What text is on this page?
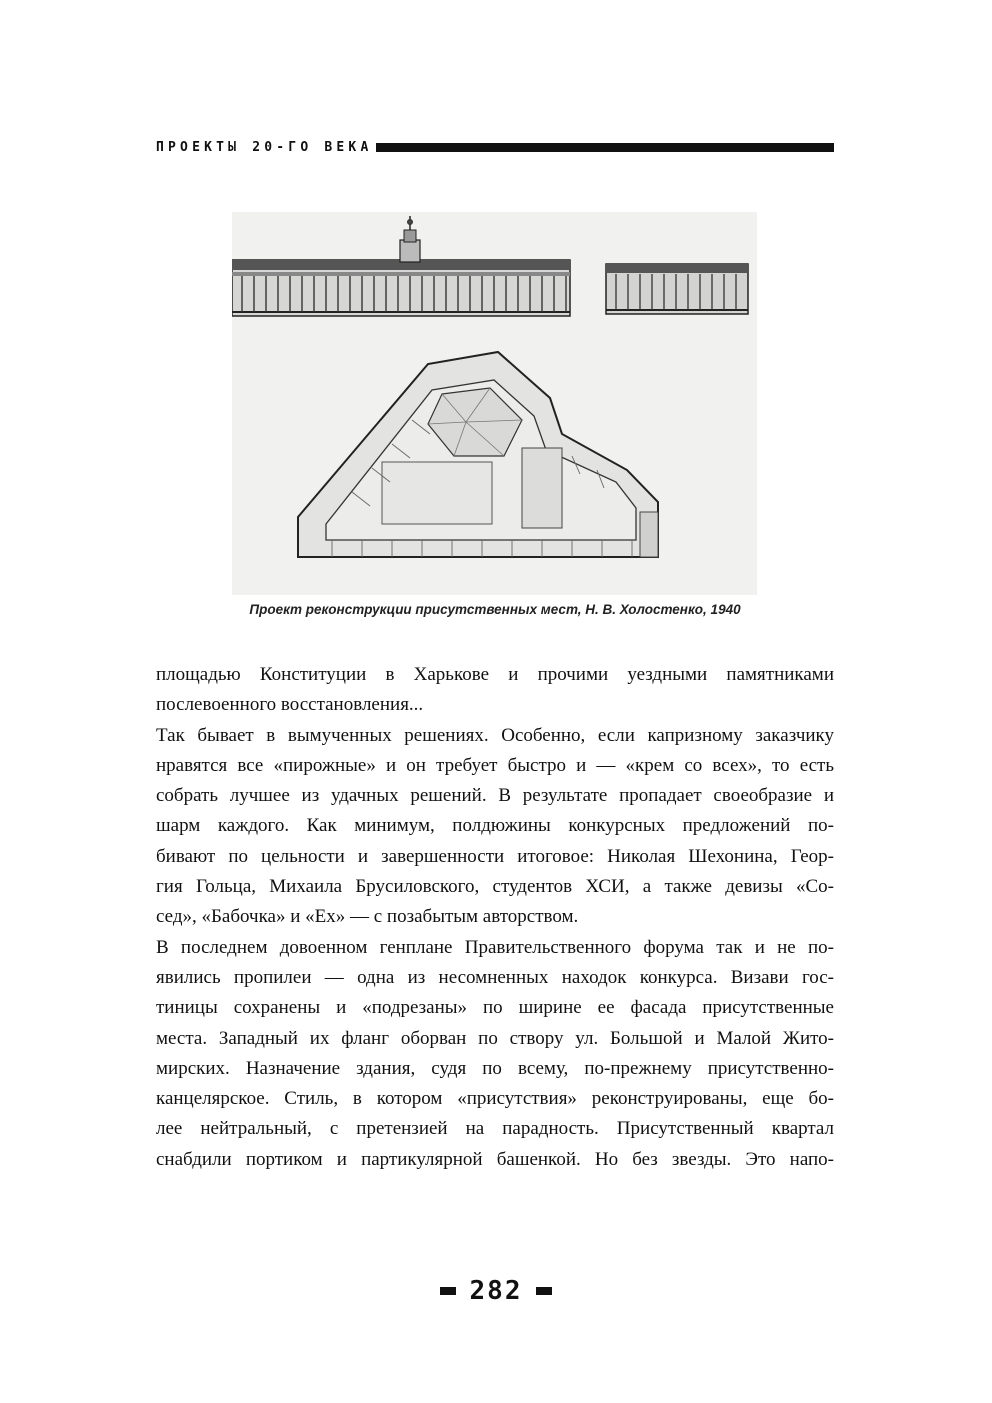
ПРОЕКТЫ 20-ГО ВЕКА
Проект реконструкции присутственных мест, Н. В. Холостенко, 1940

площадью Конституции в Харькове и прочими уездными памятниками
послевоенного восстановления...

Так бывает в вымученных решениях. Особенно, если капризному заказчику
нравятся все «пирожные» и он требует быстро и — «крем со всех», то есть
собрать лучшее из удачных решений. В результате пропадает своеобразие и
шарм каждого. Как минимум, полдюжины конкурсных предложений по-
бивают по цельности и завершенности итоговое: Николая Шехонина, Геор-
гия Гольца, Михаила Брусиловского, студентов ХСИ, а также девизы «Со-
сед», «Бабочка» и «Ех» — с позабытым авторством.

В последнем довоенном генплане Правительственного форума так и не по-
явились пропилеи — одна из несомненных находок конкурса. Визави гос-
тиницы сохранены и «подрезаны» по ширине ее фасада присутственные
места. Западный их фланг оборван по створу ул. Большой и Малой Жито-
мирских. Назначение здания, судя по всему, по-прежнему присутственно-
канцелярское. Стиль, в котором «присутствия» реконструированы, еще бо-
лее нейтральный, с претензией на парадность. Присутственный квартал
снабдили портиком и партикулярной башенкой. Но без звезды. Это напо-

282
